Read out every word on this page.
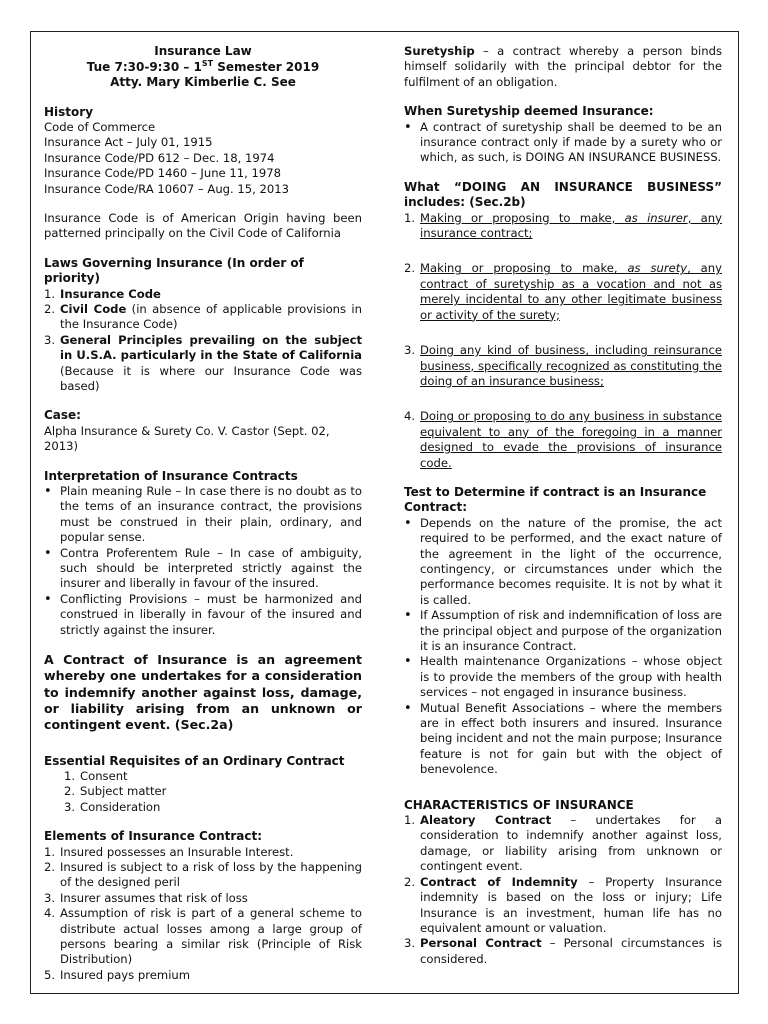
Insurance Law
Tue 7:30-9:30 – 1ST Semester 2019
Atty. Mary Kimberlie C. See
History
Code of Commerce
Insurance Act – July 01, 1915
Insurance Code/PD 612 – Dec. 18, 1974
Insurance Code/PD 1460 – June 11, 1978
Insurance Code/RA 10607 – Aug. 15, 2013
Insurance Code is of American Origin having been patterned principally on the Civil Code of California
Laws Governing Insurance (In order of priority)
1. Insurance Code
2. Civil Code (in absence of applicable provisions in the Insurance Code)
3. General Principles prevailing on the subject in U.S.A. particularly in the State of California (Because it is where our Insurance Code was based)
Case:
Alpha Insurance & Surety Co. V. Castor (Sept. 02, 2013)
Interpretation of Insurance Contracts
• Plain meaning Rule – In case there is no doubt as to the tems of an insurance contract, the provisions must be construed in their plain, ordinary, and popular sense.
• Contra Proferentem Rule – In case of ambiguity, such should be interpreted strictly against the insurer and liberally in favour of the insured.
• Conflicting Provisions – must be harmonized and construed in liberally in favour of the insured and strictly against the insurer.
A Contract of Insurance is an agreement whereby one undertakes for a consideration to indemnify another against loss, damage, or liability arising from an unknown or contingent event. (Sec.2a)
Essential Requisites of an Ordinary Contract
1. Consent
2. Subject matter
3. Consideration
Elements of Insurance Contract:
1. Insured possesses an Insurable Interest.
2. Insured is subject to a risk of loss by the happening of the designed peril
3. Insurer assumes that risk of loss
4. Assumption of risk is part of a general scheme to distribute actual losses among a large group of persons bearing a similar risk (Principle of Risk Distribution)
5. Insured pays premium
Suretyship – a contract whereby a person binds himself solidarily with the principal debtor for the fulfilment of an obligation.
When Suretyship deemed Insurance:
• A contract of suretyship shall be deemed to be an insurance contract only if made by a surety who or which, as such, is DOING AN INSURANCE BUSINESS.
What “DOING AN INSURANCE BUSINESS” includes: (Sec.2b)
1. Making or proposing to make, as insurer, any insurance contract;
2. Making or proposing to make, as surety, any contract of suretyship as a vocation and not as merely incidental to any other legitimate business or activity of the surety;
3. Doing any kind of business, including reinsurance business, specifically recognized as constituting the doing of an insurance business;
4. Doing or proposing to do any business in substance equivalent to any of the foregoing in a manner designed to evade the provisions of insurance code.
Test to Determine if contract is an Insurance Contract:
• Depends on the nature of the promise, the act required to be performed, and the exact nature of the agreement in the light of the occurrence, contingency, or circumstances under which the performance becomes requisite. It is not by what it is called.
• If Assumption of risk and indemnification of loss are the principal object and purpose of the organization it is an insurance Contract.
• Health maintenance Organizations – whose object is to provide the members of the group with health services – not engaged in insurance business.
• Mutual Benefit Associations – where the members are in effect both insurers and insured. Insurance being incident and not the main purpose; Insurance feature is not for gain but with the object of benevolence.
CHARACTERISTICS OF INSURANCE
1. Aleatory Contract – undertakes for a consideration to indemnify another against loss, damage, or liability arising from unknown or contingent event.
2. Contract of Indemnity – Property Insurance indemnity is based on the loss or injury; Life Insurance is an investment, human life has no equivalent amount or valuation.
3. Personal Contract – Personal circumstances is considered.
